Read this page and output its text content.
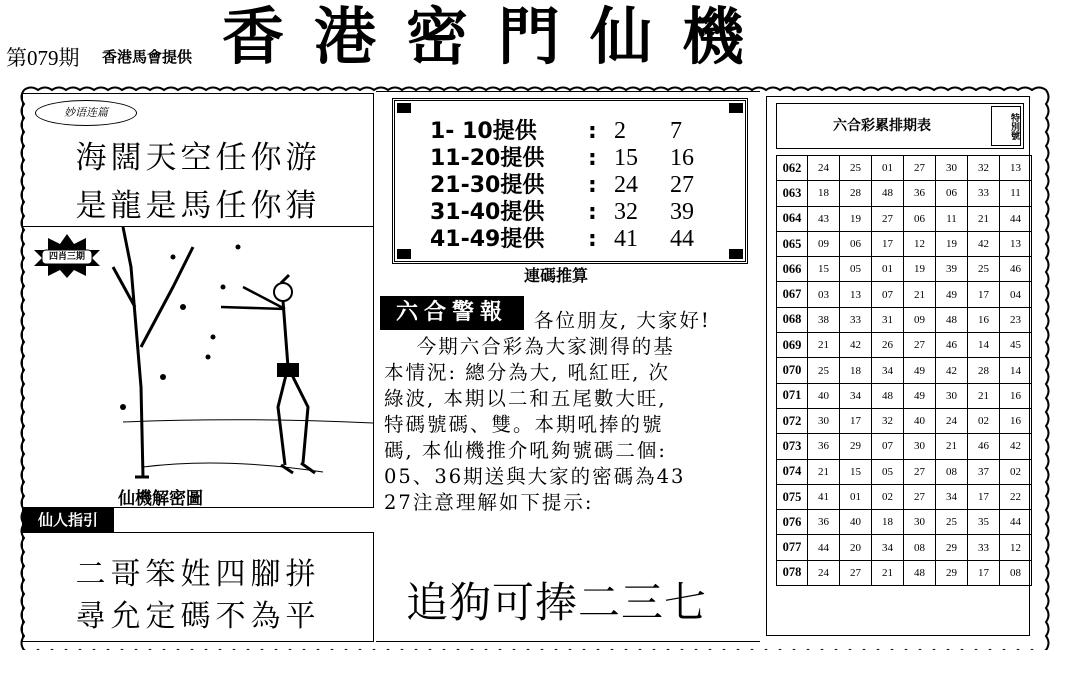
第079期 香港馬會提供 香港密門仙機
妙语连篇
海闊天空任你游
是龍是馬任你猜
四肖三期
仙機解密圖
仙人指引
二哥笨姓四腳拼
尋允定碼不為平
1- 10提供	: 2	7
11-20提供	: 15	16
21-30提供	: 24	27
31-40提供	: 32	39
41-49提供	: 41	44
連碼推算
六合警報	各位朋友, 大家好!
今期六合彩為大家測得的基
本情況: 總分為大, 吼紅旺, 次
綠波, 本期以二和五尾數大旺,
特碼號碼、雙。本期吼捧的號
碼, 本仙機推介吼夠號碼二個:
05、36期送與大家的密碼為43
27注意理解如下提示:
追狗可捧二三七
六合彩累排期表	特別號
062	24	25	01	27	30	32	13
063	18	28	48	36	06	33	11
064	43	19	27	06	11	21	44
065	09	06	17	12	19	42	13
066	15	05	01	19	39	25	46
067	03	13	07	21	49	17	04
068	38	33	31	09	48	16	23
069	21	42	26	27	46	14	45
070	25	18	34	49	42	28	14
071	40	34	48	49	30	21	16
072	30	17	32	40	24	02	16
073	36	29	07	30	21	46	42
074	21	15	05	27	08	37	02
075	41	01	02	27	34	17	22
076	36	40	18	30	25	35	44
077	44	20	34	08	29	33	12
078	24	27	21	48	29	17	08
